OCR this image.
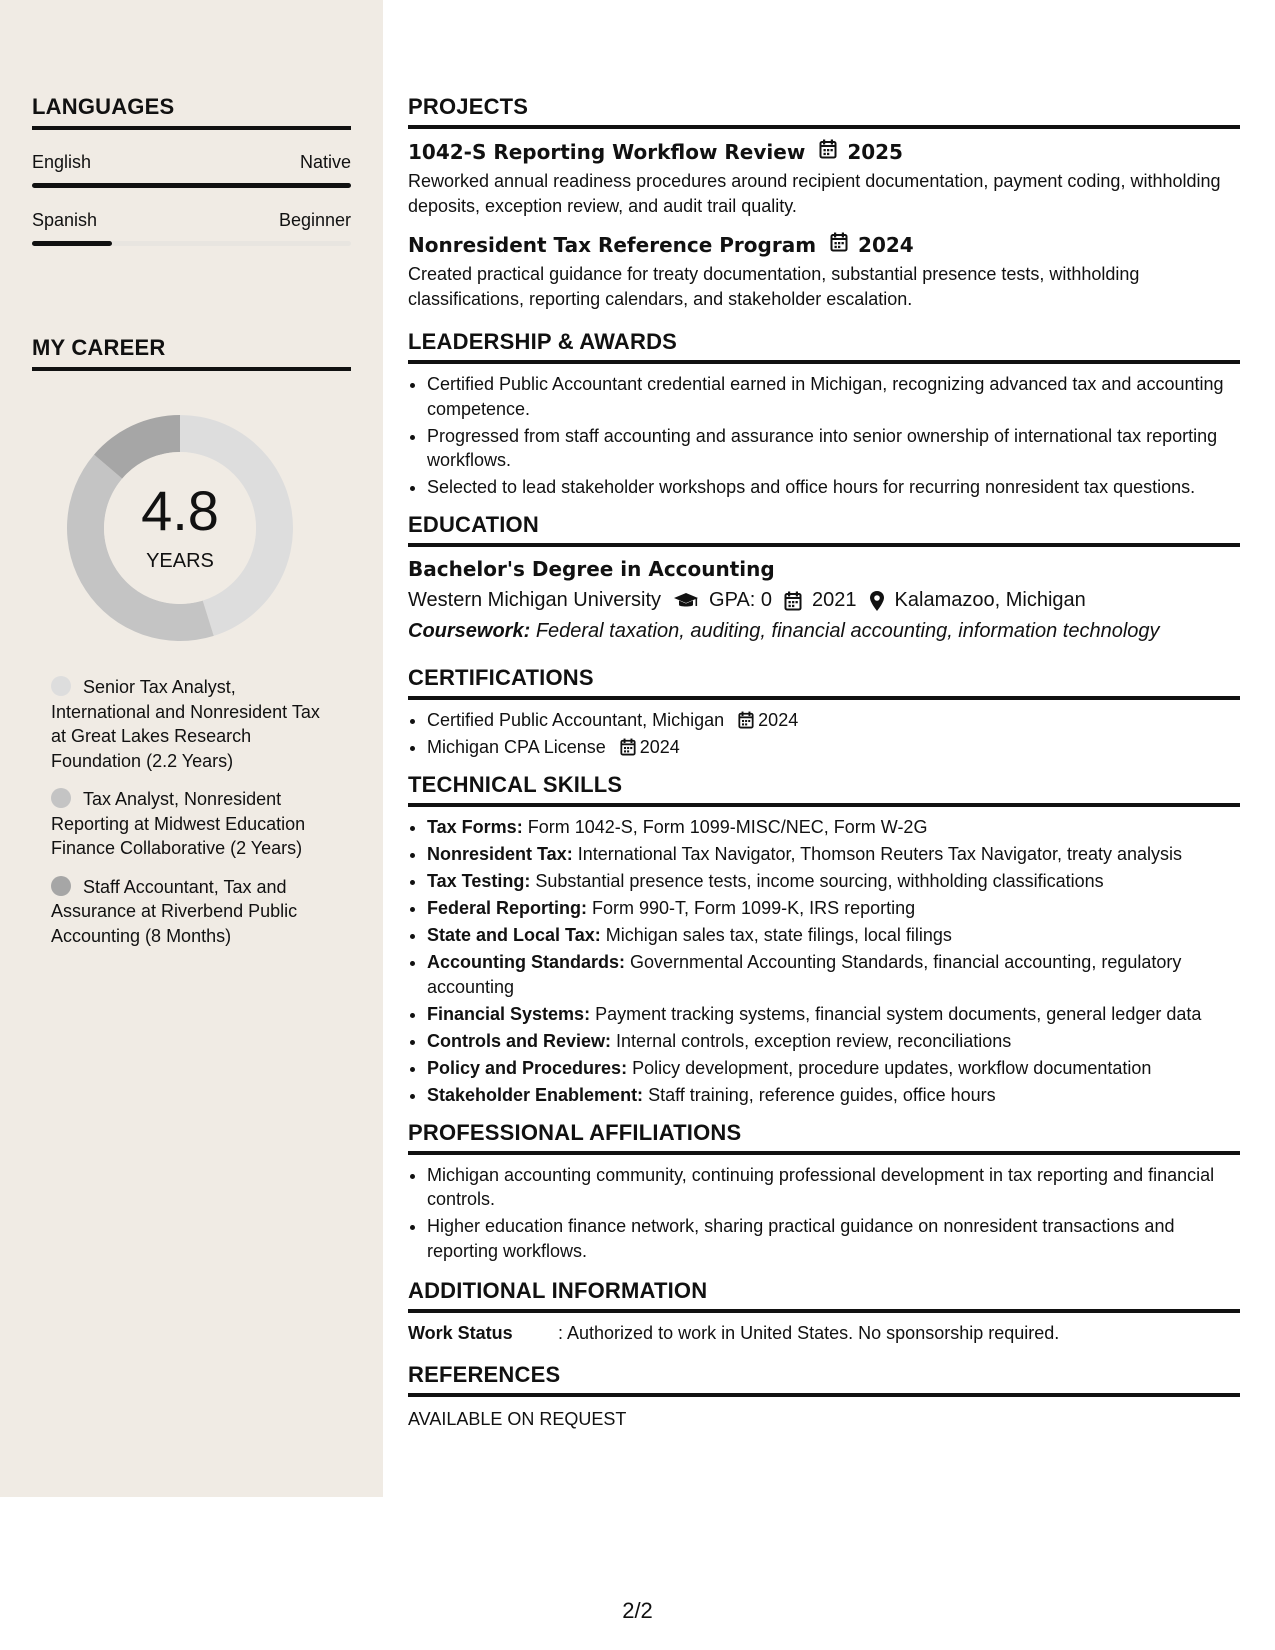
LANGUAGES
English	Native
Spanish	Beginner
MY CAREER
4.8
YEARS
Senior Tax Analyst, International and Nonresident Tax at Great Lakes Research Foundation (2.2 Years)
Tax Analyst, Nonresident Reporting at Midwest Education Finance Collaborative (2 Years)
Staff Accountant, Tax and Assurance at Riverbend Public Accounting (8 Months)
PROJECTS
1042-S Reporting Workflow Review 2025
Reworked annual readiness procedures around recipient documentation, payment coding, withholding deposits, exception review, and audit trail quality.
Nonresident Tax Reference Program 2024
Created practical guidance for treaty documentation, substantial presence tests, withholding classifications, reporting calendars, and stakeholder escalation.
LEADERSHIP & AWARDS
• Certified Public Accountant credential earned in Michigan, recognizing advanced tax and accounting competence.
• Progressed from staff accounting and assurance into senior ownership of international tax reporting workflows.
• Selected to lead stakeholder workshops and office hours for recurring nonresident tax questions.
EDUCATION
Bachelor's Degree in Accounting
Western Michigan University GPA: 0 2021 Kalamazoo, Michigan
Coursework: Federal taxation, auditing, financial accounting, information technology
CERTIFICATIONS
• Certified Public Accountant, Michigan 2024
• Michigan CPA License 2024
TECHNICAL SKILLS
• Tax Forms: Form 1042-S, Form 1099-MISC/NEC, Form W-2G
• Nonresident Tax: International Tax Navigator, Thomson Reuters Tax Navigator, treaty analysis
• Tax Testing: Substantial presence tests, income sourcing, withholding classifications
• Federal Reporting: Form 990-T, Form 1099-K, IRS reporting
• State and Local Tax: Michigan sales tax, state filings, local filings
• Accounting Standards: Governmental Accounting Standards, financial accounting, regulatory accounting
• Financial Systems: Payment tracking systems, financial system documents, general ledger data
• Controls and Review: Internal controls, exception review, reconciliations
• Policy and Procedures: Policy development, procedure updates, workflow documentation
• Stakeholder Enablement: Staff training, reference guides, office hours
PROFESSIONAL AFFILIATIONS
• Michigan accounting community, continuing professional development in tax reporting and financial controls.
• Higher education finance network, sharing practical guidance on nonresident transactions and reporting workflows.
ADDITIONAL INFORMATION
Work Status	: Authorized to work in United States. No sponsorship required.
REFERENCES
AVAILABLE ON REQUEST
2/2
